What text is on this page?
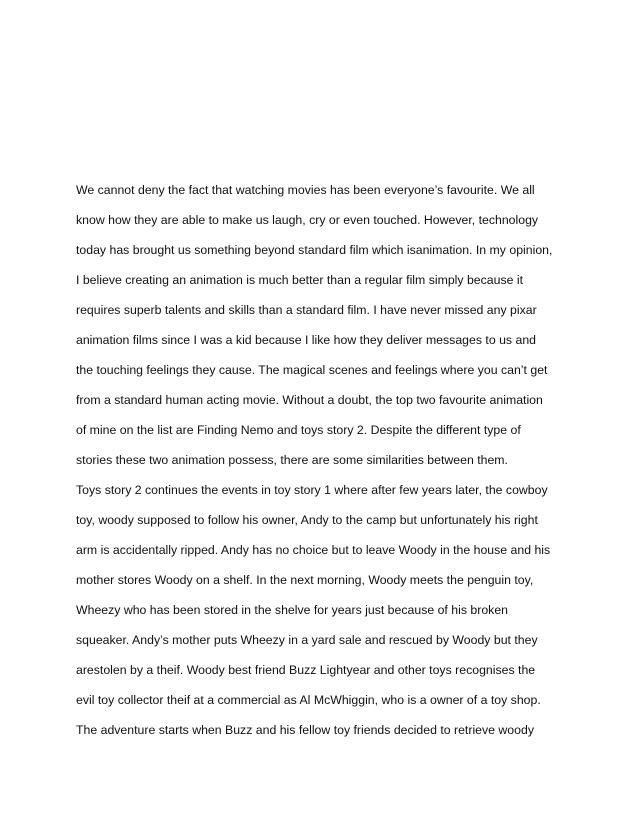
We cannot deny the fact that watching movies has been everyone’s favourite. We all
know how they are able to make us laugh, cry or even touched. However, technology
today has brought us something beyond standard film which isanimation. In my opinion,
I believe creating an animation is much better than a regular film simply because it
requires superb talents and skills than a standard film. I have never missed any pixar
animation films since I was a kid because I like how they deliver messages to us and
the touching feelings they cause. The magical scenes and feelings where you can’t get
from a standard human acting movie. Without a doubt, the top two favourite animation
of mine on the list are Finding Nemo and toys story 2. Despite the different type of
stories these two animation possess, there are some similarities between them.
Toys story 2 continues the events in toy story 1 where after few years later, the cowboy
toy, woody supposed to follow his owner, Andy to the camp but unfortunately his right
arm is accidentally ripped. Andy has no choice but to leave Woody in the house and his
mother stores Woody on a shelf. In the next morning, Woody meets the penguin toy,
Wheezy who has been stored in the shelve for years just because of his broken
squeaker. Andy’s mother puts Wheezy in a yard sale and rescued by Woody but they
arestolen by a theif. Woody best friend Buzz Lightyear and other toys recognises the
evil toy collector theif at a commercial as Al McWhiggin, who is a owner of a toy shop.
The adventure starts when Buzz and his fellow toy friends decided to retrieve woody
